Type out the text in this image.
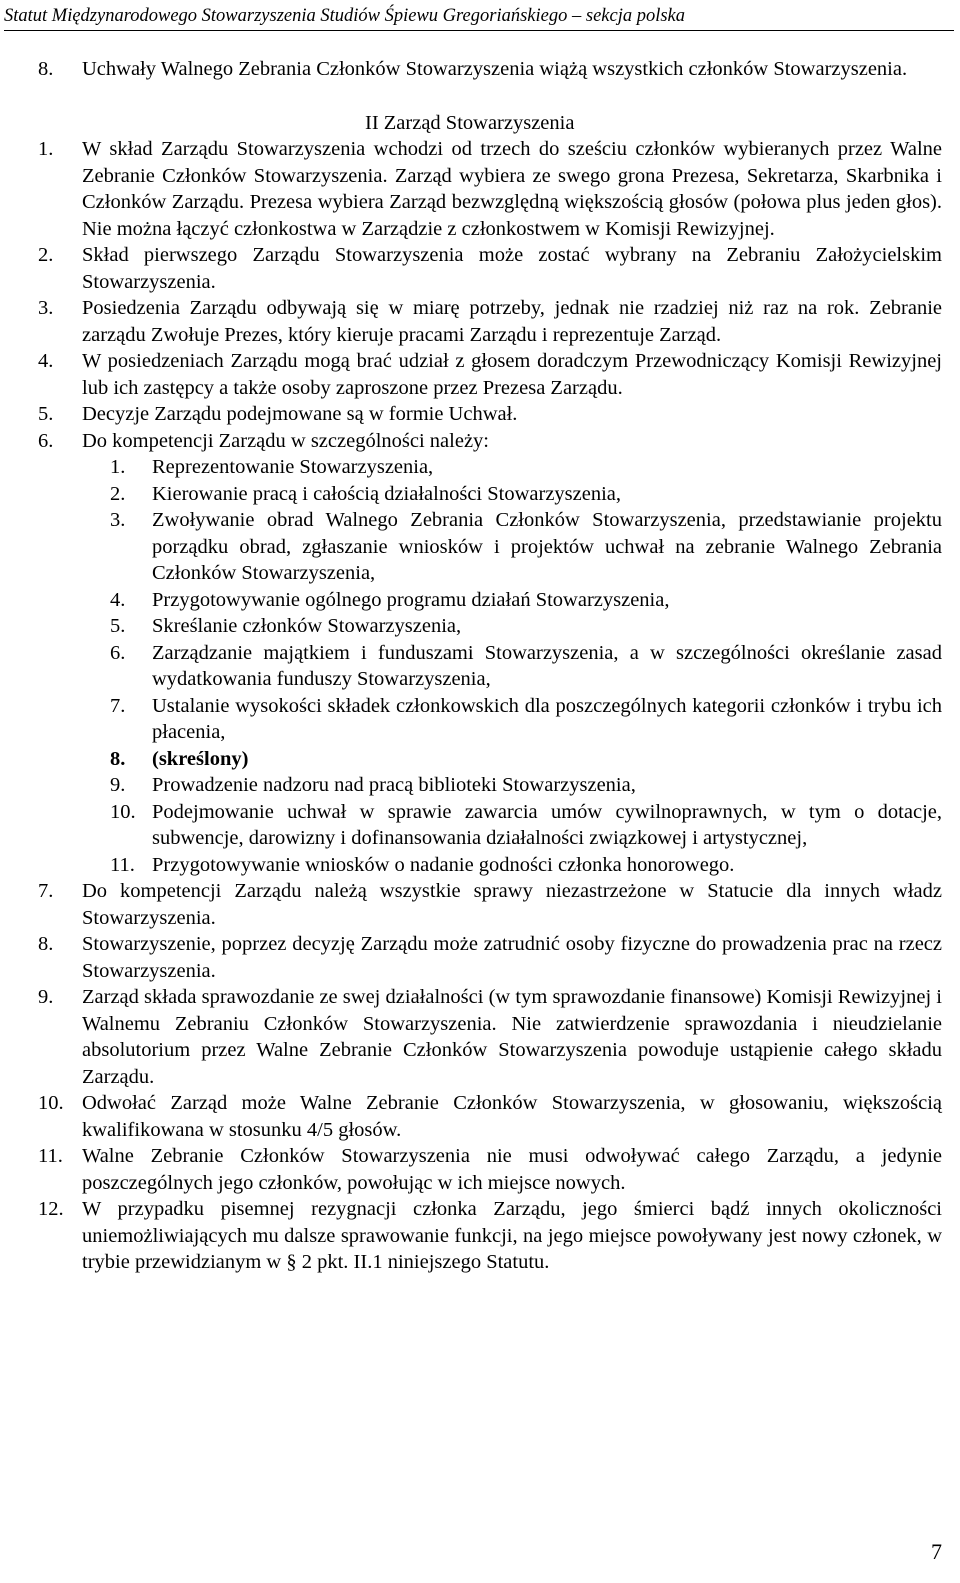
Statut Międzynarodowego Stowarzyszenia Studiów Śpiewu Gregoriańskiego – sekcja polska
8. Uchwały Walnego Zebrania Członków Stowarzyszenia wiążą wszystkich członków Stowarzyszenia.
II Zarząd Stowarzyszenia
1. W skład Zarządu Stowarzyszenia wchodzi od trzech do sześciu członków wybieranych przez Walne Zebranie Członków Stowarzyszenia. Zarząd wybiera ze swego grona Prezesa, Sekretarza, Skarbnika i Członków Zarządu. Prezesa wybiera Zarząd bezwzględną większością głosów (połowa plus jeden głos). Nie można łączyć członkostwa w Zarządzie z członkostwem w Komisji Rewizyjnej.
2. Skład pierwszego Zarządu Stowarzyszenia może zostać wybrany na Zebraniu Założycielskim Stowarzyszenia.
3. Posiedzenia Zarządu odbywają się w miarę potrzeby, jednak nie rzadziej niż raz na rok. Zebranie zarządu Zwołuje Prezes, który kieruje pracami Zarządu i reprezentuje Zarząd.
4. W posiedzeniach Zarządu mogą brać udział z głosem doradczym Przewodniczący Komisji Rewizyjnej lub ich zastępcy a także osoby zaproszone przez Prezesa Zarządu.
5. Decyzje Zarządu podejmowane są w formie Uchwał.
6. Do kompetencji Zarządu w szczególności należy:
1. Reprezentowanie Stowarzyszenia,
2. Kierowanie pracą i całością działalności Stowarzyszenia,
3. Zwoływanie obrad Walnego Zebrania Członków Stowarzyszenia, przedstawianie projektu porządku obrad, zgłaszanie wniosków i projektów uchwał na zebranie Walnego Zebrania Członków Stowarzyszenia,
4. Przygotowywanie ogólnego programu działań Stowarzyszenia,
5. Skreślanie członków Stowarzyszenia,
6. Zarządzanie majątkiem i funduszami Stowarzyszenia, a w szczególności określanie zasad wydatkowania funduszy Stowarzyszenia,
7. Ustalanie wysokości składek członkowskich dla poszczególnych kategorii członków i trybu ich płacenia,
8. (skreślony)
9. Prowadzenie nadzoru nad pracą biblioteki Stowarzyszenia,
10. Podejmowanie uchwał w sprawie zawarcia umów cywilnoprawnych, w tym o dotacje, subwencje, darowizny i dofinansowania działalności związkowej i artystycznej,
11. Przygotowywanie wniosków o nadanie godności członka honorowego.
7. Do kompetencji Zarządu należą wszystkie sprawy niezastrzeżone w Statucie dla innych władz Stowarzyszenia.
8. Stowarzyszenie, poprzez decyzję Zarządu może zatrudnić osoby fizyczne do prowadzenia prac na rzecz Stowarzyszenia.
9. Zarząd składa sprawozdanie ze swej działalności (w tym sprawozdanie finansowe) Komisji Rewizyjnej i Walnemu Zebraniu Członków Stowarzyszenia. Nie zatwierdzenie sprawozdania i nieudzielanie absolutorium przez Walne Zebranie Członków Stowarzyszenia powoduje ustąpienie całego składu Zarządu.
10. Odwołać Zarząd może Walne Zebranie Członków Stowarzyszenia, w głosowaniu, większością kwalifikowana w stosunku 4/5 głosów.
11. Walne Zebranie Członków Stowarzyszenia nie musi odwoływać całego Zarządu, a jedynie poszczególnych jego członków, powołując w ich miejsce nowych.
12. W przypadku pisemnej rezygnacji członka Zarządu, jego śmierci bądź innych okoliczności uniemożliwiających mu dalsze sprawowanie funkcji, na jego miejsce powoływany jest nowy członek, w trybie przewidzianym w § 2 pkt. II.1 niniejszego Statutu.
7
